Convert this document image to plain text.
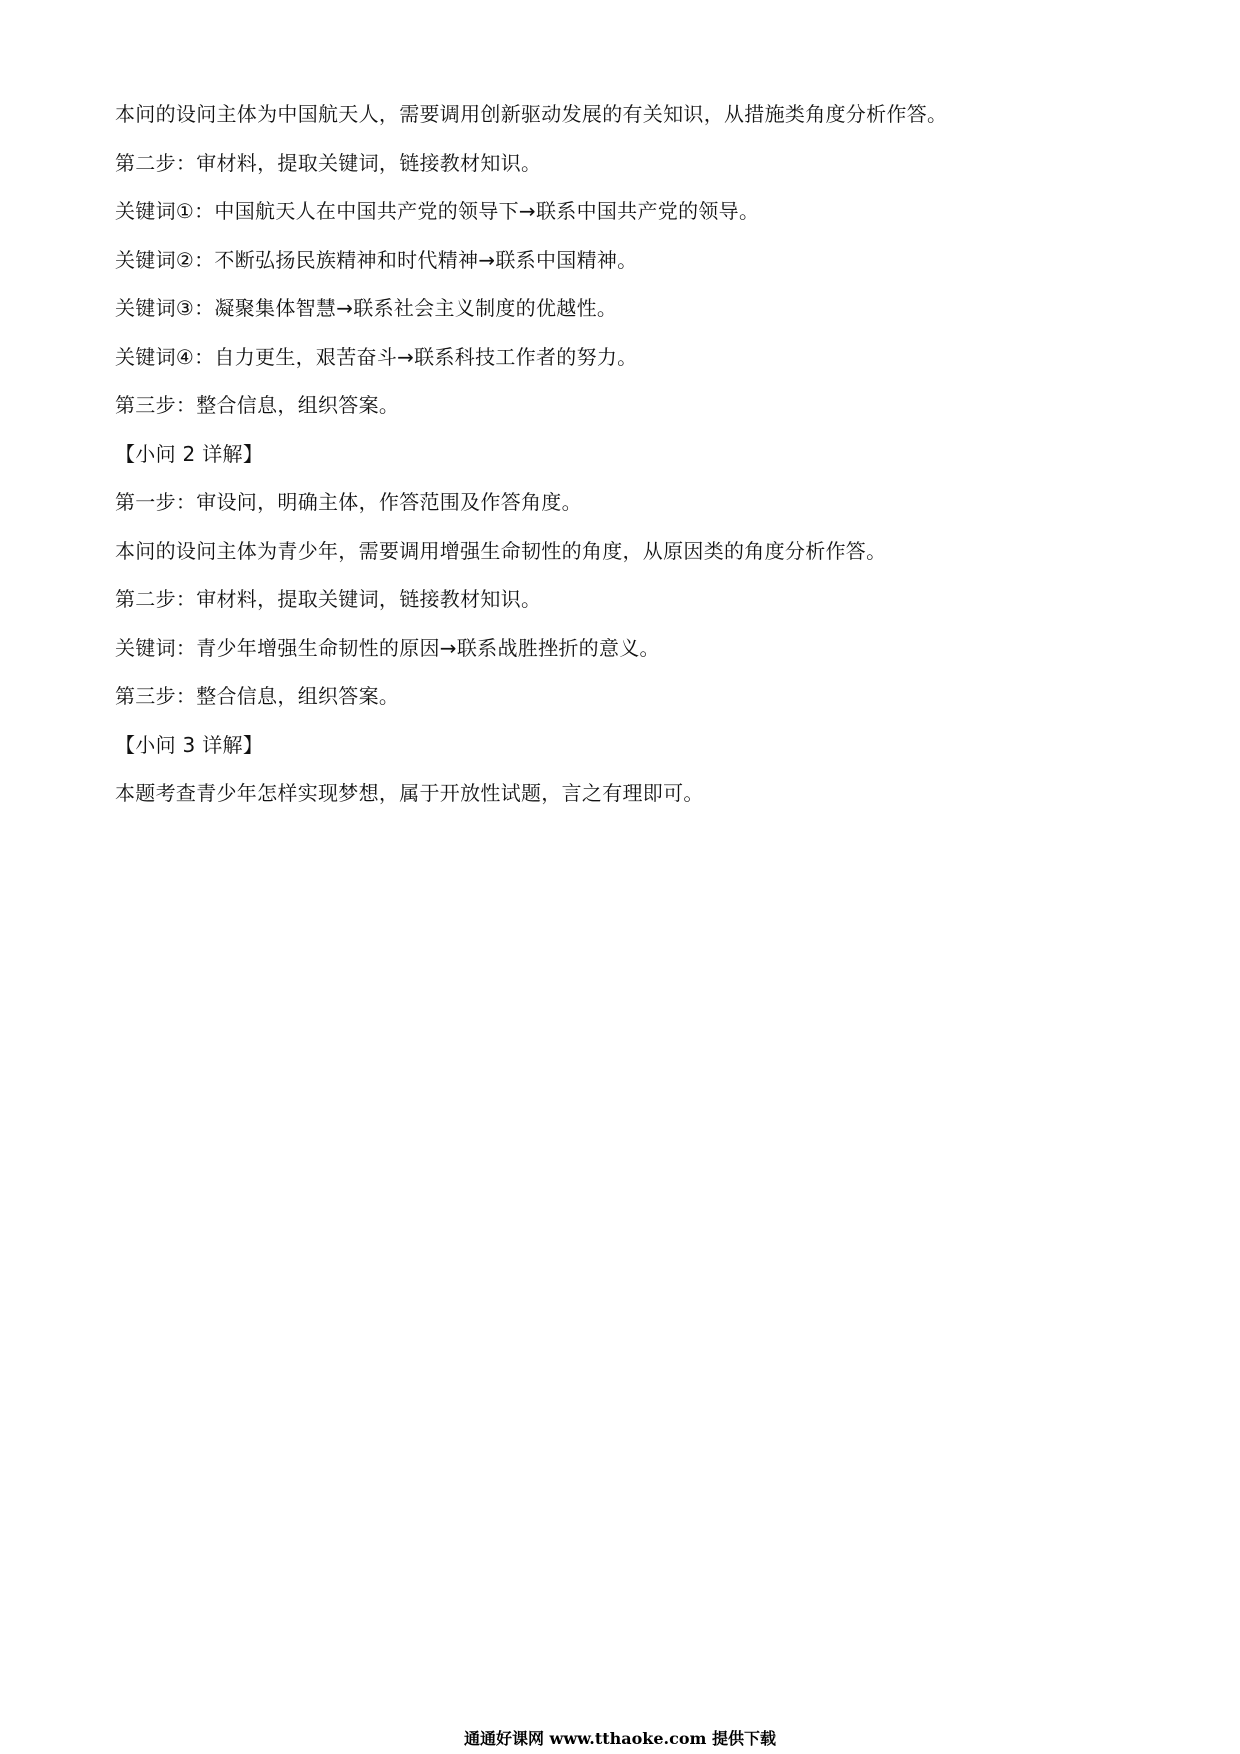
本问的设问主体为中国航天人，需要调用创新驱动发展的有关知识，从措施类角度分析作答。
第二步：审材料，提取关键词，链接教材知识。
关键词①：中国航天人在中国共产党的领导下→联系中国共产党的领导。
关键词②：不断弘扬民族精神和时代精神→联系中国精神。
关键词③：凝聚集体智慧→联系社会主义制度的优越性。
关键词④：自力更生，艰苦奋斗→联系科技工作者的努力。
第三步：整合信息，组织答案。
【小问 2 详解】
第一步：审设问，明确主体，作答范围及作答角度。
本问的设问主体为青少年，需要调用增强生命韧性的角度，从原因类的角度分析作答。
第二步：审材料，提取关键词，链接教材知识。
关键词：青少年增强生命韧性的原因→联系战胜挫折的意义。
第三步：整合信息，组织答案。
【小问 3 详解】
本题考查青少年怎样实现梦想，属于开放性试题，言之有理即可。
通通好课网 www.tthaoke.com 提供下载
